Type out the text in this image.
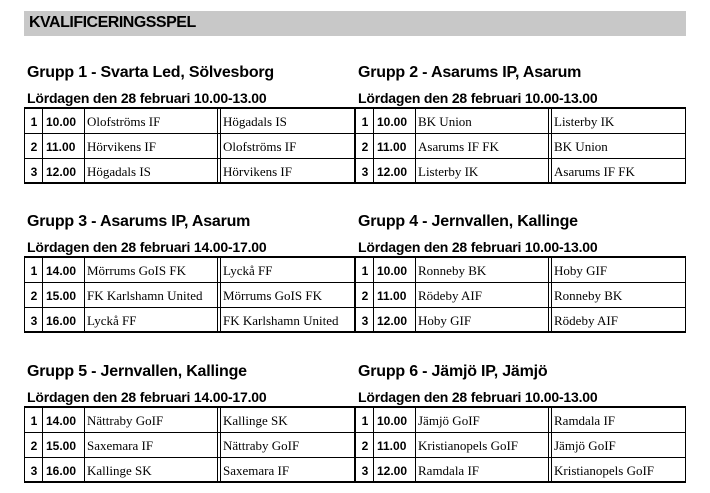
KVALIFICERINGSSPEL
Grupp 1 - Svarta Led, Sölvesborg
Lördagen den 28 februari 10.00-13.00
1 10.00 Olofströms IF	Högadals IS
2 11.00 Hörvikens IF	Olofströms IF
3 12.00 Högadals IS	Hörvikens IF
Grupp 2 - Asarums IP, Asarum
Lördagen den 28 februari 10.00-13.00
1 10.00 BK Union	Listerby IK
2 11.00 Asarums IF FK	BK Union
3 12.00 Listerby IK	Asarums IF FK
Grupp 3 - Asarums IP, Asarum
Lördagen den 28 februari 14.00-17.00
1 14.00 Mörrums GoIS FK	Lyckå FF
2 15.00 FK Karlshamn United	Mörrums GoIS FK
3 16.00 Lyckå FF	FK Karlshamn United
Grupp 4 - Jernvallen, Kallinge
Lördagen den 28 februari 10.00-13.00
1 10.00 Ronneby BK	Hoby GIF
2 11.00 Rödeby AIF	Ronneby BK
3 12.00 Hoby GIF	Rödeby AIF
Grupp 5 - Jernvallen, Kallinge
Lördagen den 28 februari 14.00-17.00
1 14.00 Nättraby GoIF	Kallinge SK
2 15.00 Saxemara IF	Nättraby GoIF
3 16.00 Kallinge SK	Saxemara IF
Grupp 6 - Jämjö IP, Jämjö
Lördagen den 28 februari 10.00-13.00
1 10.00 Jämjö GoIF	Ramdala IF
2 11.00 Kristianopels GoIF	Jämjö GoIF
3 12.00 Ramdala IF	Kristianopels GoIF
